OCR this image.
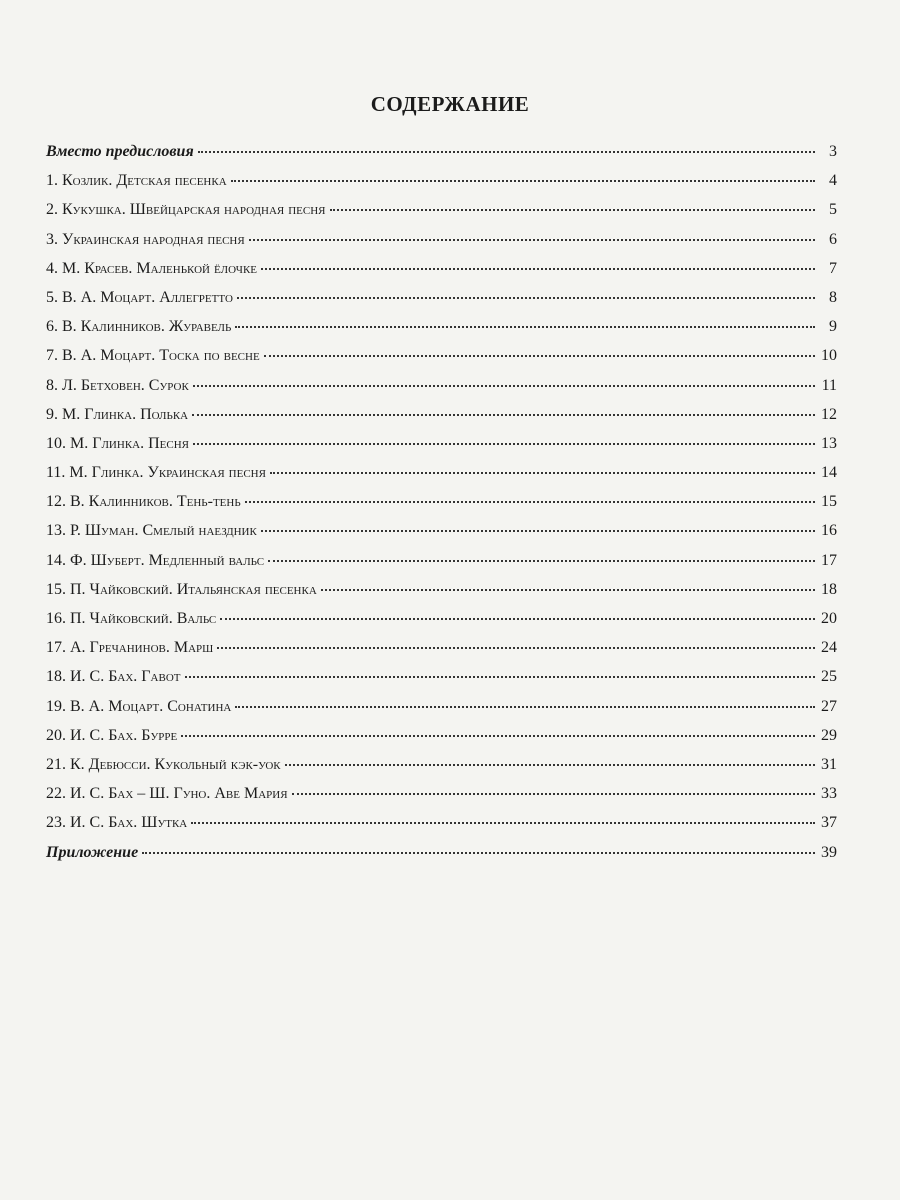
СОДЕРЖАНИЕ
Вместо предисловия	3
1. Козлик. Детская песенка	4
2. Кукушка. Швейцарская народная песня	5
3. Украинская народная песня	6
4. М. Красев. Маленькой ёлочке	7
5. В. А. Моцарт. Аллегретто	8
6. В. Калинников. Журавель	9
7. В. А. Моцарт. Тоска по весне	10
8. Л. Бетховен. Сурок	11
9. М. Глинка. Полька	12
10. М. Глинка. Песня	13
11. М. Глинка. Украинская песня	14
12. В. Калинников. Тень-тень	15
13. Р. Шуман. Смелый наездник	16
14. Ф. Шуберт. Медленный вальс	17
15. П. Чайковский. Итальянская песенка	18
16. П. Чайковский. Вальс	20
17. А. Гречанинов. Марш	24
18. И. С. Бах. Гавот	25
19. В. А. Моцарт. Сонатина	27
20. И. С. Бах. Бурре	29
21. К. Дебюсси. Кукольный кэк-уок	31
22. И. С. Бах – Ш. Гуно. Аве Мария	33
23. И. С. Бах. Шутка	37
Приложение	39
